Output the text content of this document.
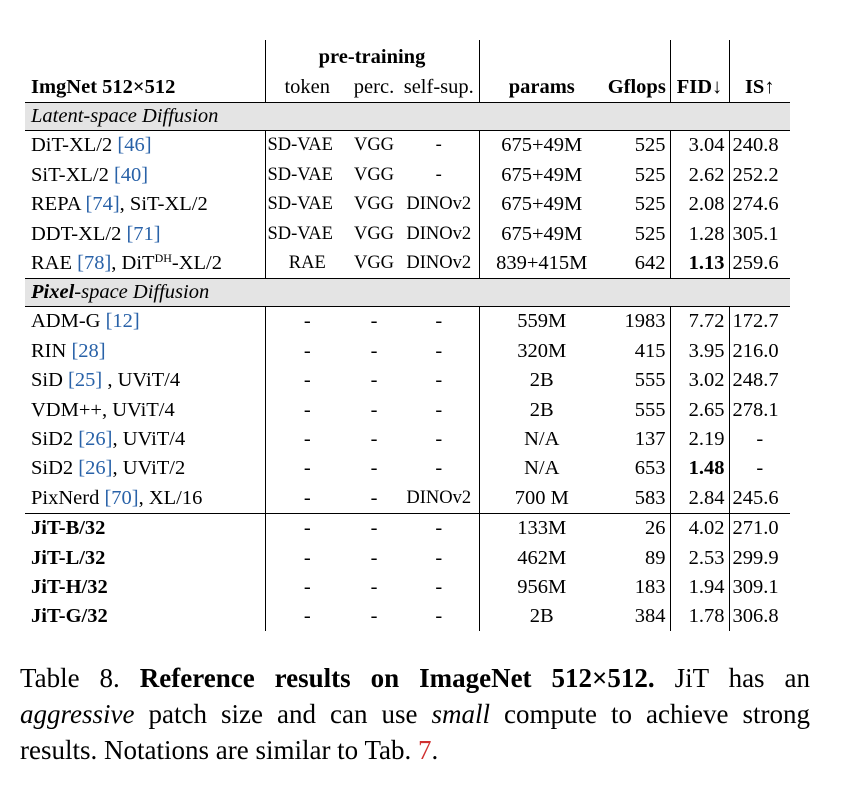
	pre-training						
ImgNet 512×512	token	perc.	self-sup.	params	Gflops	FID↓	IS↑
Latent-space Diffusion							
DiT-XL/2 [46]	SD-VAE	VGG	-	675+49M	525	3.04	240.8
SiT-XL/2 [40]	SD-VAE	VGG	-	675+49M	525	2.62	252.2
REPA [74], SiT-XL/2	SD-VAE	VGG	DINOv2	675+49M	525	2.08	274.6
DDT-XL/2 [71]	SD-VAE	VGG	DINOv2	675+49M	525	1.28	305.1
RAE [78], DiT$^{DH}$-XL/2	RAE	VGG	DINOv2	839+415M	642	1.13	259.6
Pixel-space Diffusion							
ADM-G [12]	-	-	-	559M	1983	7.72	172.7
RIN [28]	-	-	-	320M	415	3.95	216.0
SiD [25] , UViT/4	-	-	-	2B	555	3.02	248.7
VDM++, UViT/4	-	-	-	2B	555	2.65	278.1
SiD2 [26], UViT/4	-	-	-	N/A	137	2.19	-
SiD2 [26], UViT/2	-	-	-	N/A	653	1.48	-
PixNerd [70], XL/16	-	-	DINOv2	700 M	583	2.84	245.6
JiT-B/32	-	-	-	133M	26	4.02	271.0
JiT-L/32	-	-	-	462M	89	2.53	299.9
JiT-H/32	-	-	-	956M	183	1.94	309.1
JiT-G/32	-	-	-	2B	384	1.78	306.8
Table 8. Reference results on ImageNet 512×512. JiT has an aggressive patch size and can use small compute to achieve strong results. Notations are similar to Tab. 7.
